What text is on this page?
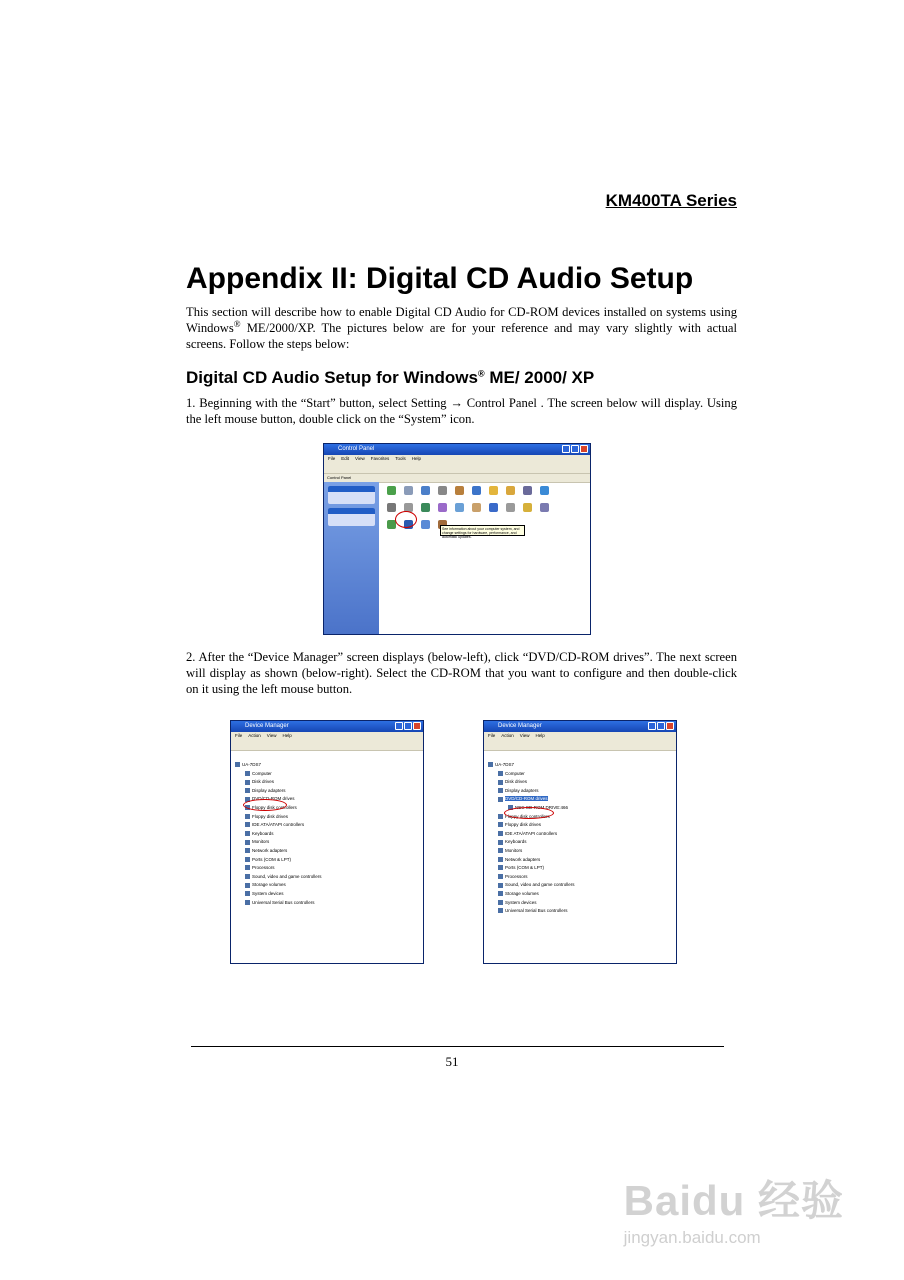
KM400TA Series
Appendix II: Digital CD Audio Setup

This section will describe how to enable Digital CD Audio for CD-ROM devices installed on systems using Windows® ME/2000/XP. The pictures below are for your reference and may vary slightly with actual screens. Follow the steps below:

Digital CD Audio Setup for Windows® ME/ 2000/ XP

1. Beginning with the “Start” button, select Setting → Control Panel . The screen below will display. Using the left mouse button, double click on the “System” icon.

Control Panel
File Edit View Favorites Tools Help
Control Panel
See information about your computer system, and change settings for hardware, performance, and automatic updates.

2. After the “Device Manager” screen displays (below-left), click “DVD/CD-ROM drives”. The next screen will display as shown (below-right). Select the CD-ROM that you want to configure and then double-click on it using the left mouse button.

Device Manager
File Action View Help
UA-7DS7
Computer
Disk drives
Display adapters
DVD/CD-ROM drives
Floppy disk controllers
Floppy disk drives
IDE ATA/ATAPI controllers
Keyboards
Monitors
Network adapters
Ports (COM & LPT)
Processors
Sound, video and game controllers
Storage volumes
System devices
Universal Serial Bus controllers
Device Manager
File Action View Help
UA-7DS7
Computer
Disk drives
Display adapters
DVD/CD-ROM drives
NEC CD-ROM DRIVE:466
Floppy disk controllers
Floppy disk drives
IDE ATA/ATAPI controllers
Keyboards
Monitors
Network adapters
Ports (COM & LPT)
Processors
Sound, video and game controllers
Storage volumes
System devices
Universal Serial Bus controllers
51
Baidu 经验
jingyan.baidu.com
